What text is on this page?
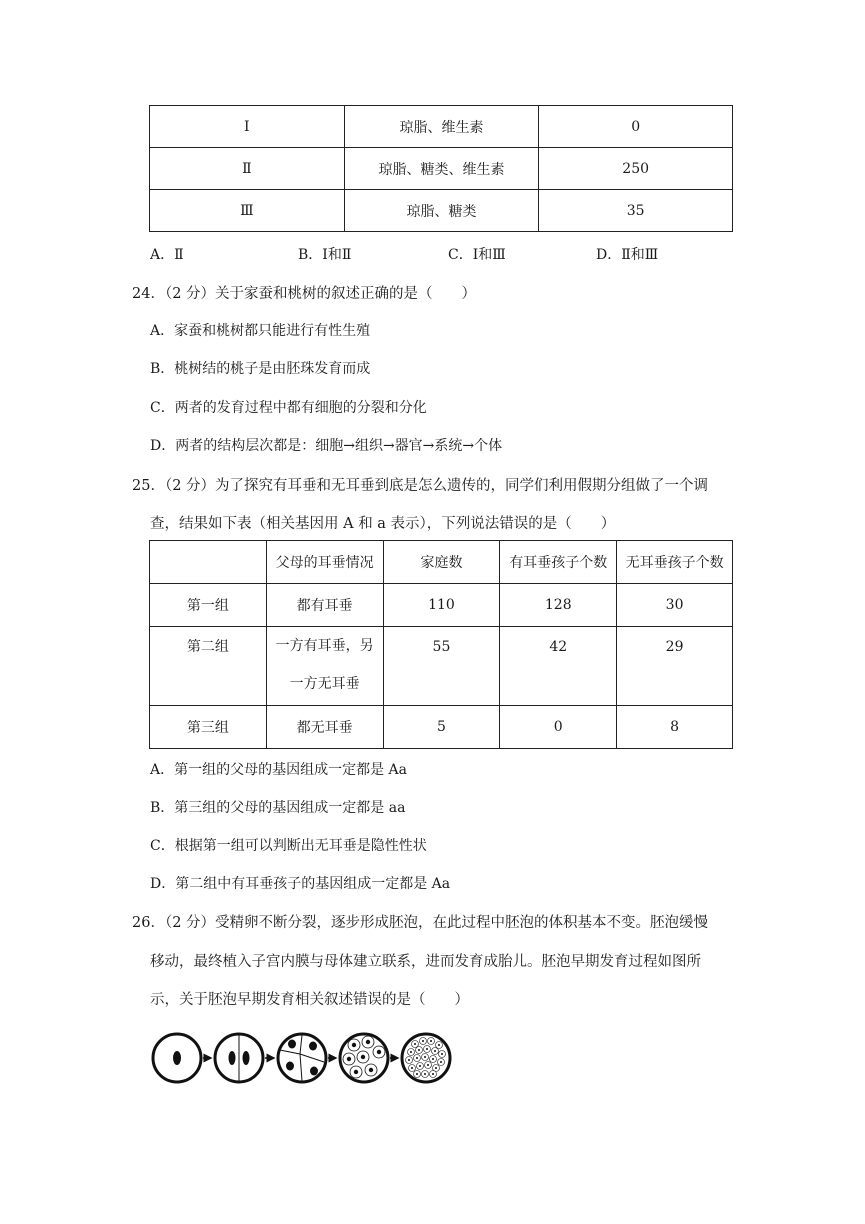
Ⅰ	琼脂、维生素	0
Ⅱ	琼脂、糖类、维生素	250
Ⅲ	琼脂、糖类	35
A．Ⅱ	B．Ⅰ和Ⅱ	C．Ⅰ和Ⅲ	D．Ⅱ和Ⅲ
24．（2 分）关于家蚕和桃树的叙述正确的是（　　）
A．家蚕和桃树都只能进行有性生殖
B．桃树结的桃子是由胚珠发育而成
C．两者的发育过程中都有细胞的分裂和分化
D．两者的结构层次都是：细胞→组织→器官→系统→个体
25．（2 分）为了探究有耳垂和无耳垂到底是怎么遗传的，同学们利用假期分组做了一个调
查，结果如下表（相关基因用 A 和 a 表示），下列说法错误的是（　　）
	父母的耳垂情况	家庭数	有耳垂孩子个数	无耳垂孩子个数
第一组	都有耳垂	110	128	30
第二组	一方有耳垂，另
一方无耳垂	55	42	29
第三组	都无耳垂	5	0	8
A．第一组的父母的基因组成一定都是 Aa
B．第三组的父母的基因组成一定都是 aa
C．根据第一组可以判断出无耳垂是隐性性状
D．第二组中有耳垂孩子的基因组成一定都是 Aa
26．（2 分）受精卵不断分裂，逐步形成胚泡，在此过程中胚泡的体积基本不变。胚泡缓慢
移动，最终植入子宫内膜与母体建立联系，进而发育成胎儿。胚泡早期发育过程如图所
示，关于胚泡早期发育相关叙述错误的是（　　）
